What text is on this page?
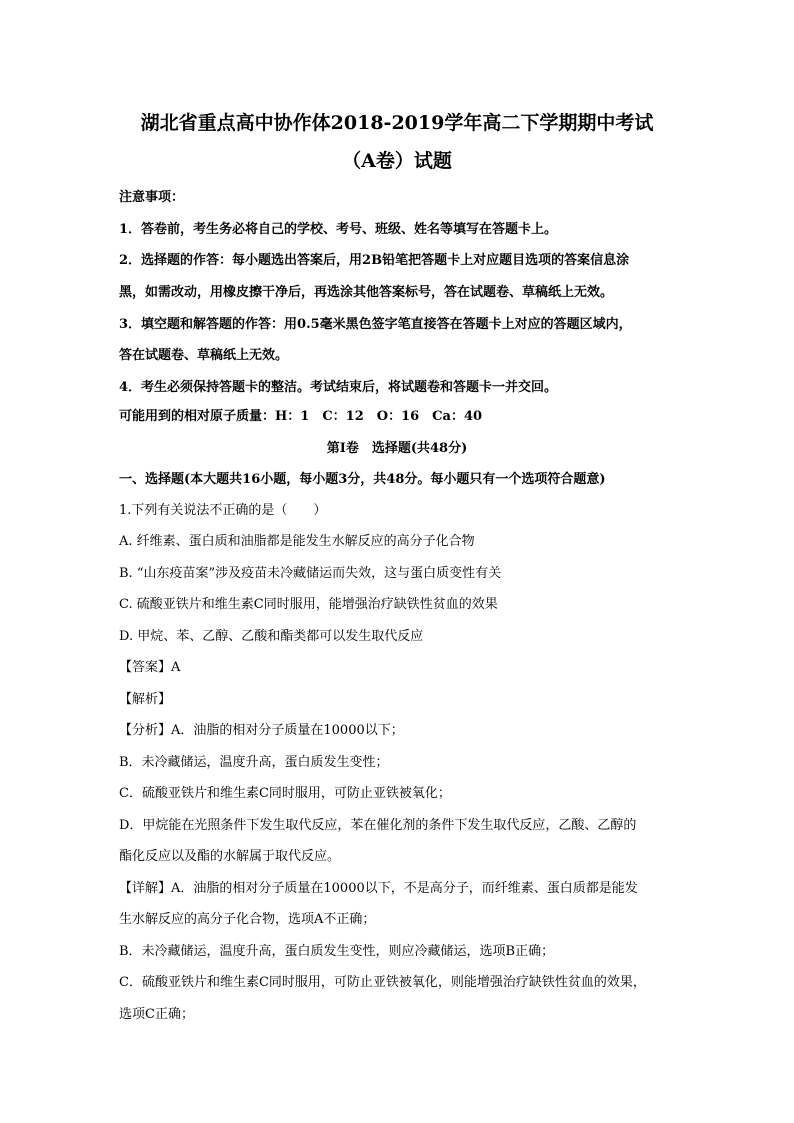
湖北省重点高中协作体2018-2019学年高二下学期期中考试
（A卷）试题
注意事项：
1．答卷前，考生务必将自己的学校、考号、班级、姓名等填写在答题卡上。
2．选择题的作答：每小题选出答案后，用2B铅笔把答题卡上对应题目选项的答案信息涂
黑，如需改动，用橡皮擦干净后，再选涂其他答案标号，答在试题卷、草稿纸上无效。
3．填空题和解答题的作答：用0.5毫米黑色签字笔直接答在答题卡上对应的答题区域内，
答在试题卷、草稿纸上无效。
4．考生必须保持答题卡的整洁。考试结束后，将试题卷和答题卡一并交回。
可能用到的相对原子质量：H：1　C：12　O：16　Ca：40
第Ⅰ卷　选择题(共48分)
一、选择题(本大题共16小题，每小题3分，共48分。每小题只有一个选项符合题意)
1.下列有关说法不正确的是（　　）
A. 纤维素、蛋白质和油脂都是能发生水解反应的高分子化合物
B. “山东疫苗案”涉及疫苗未冷藏储运而失效，这与蛋白质变性有关
C. 硫酸亚铁片和维生素C同时服用，能增强治疗缺铁性贫血的效果
D. 甲烷、苯、乙醇、乙酸和酯类都可以发生取代反应
【答案】A
【解析】
【分析】A．油脂的相对分子质量在10000以下；
B．未冷藏储运，温度升高，蛋白质发生变性；
C．硫酸亚铁片和维生素C同时服用，可防止亚铁被氧化；
D．甲烷能在光照条件下发生取代反应，苯在催化剂的条件下发生取代反应，乙酸、乙醇的
酯化反应以及酯的水解属于取代反应。
【详解】A．油脂的相对分子质量在10000以下，不是高分子，而纤维素、蛋白质都是能发
生水解反应的高分子化合物，选项A不正确；
B．未冷藏储运，温度升高，蛋白质发生变性，则应冷藏储运，选项B正确；
C．硫酸亚铁片和维生素C同时服用，可防止亚铁被氧化，则能增强治疗缺铁性贫血的效果，
选项C正确；
